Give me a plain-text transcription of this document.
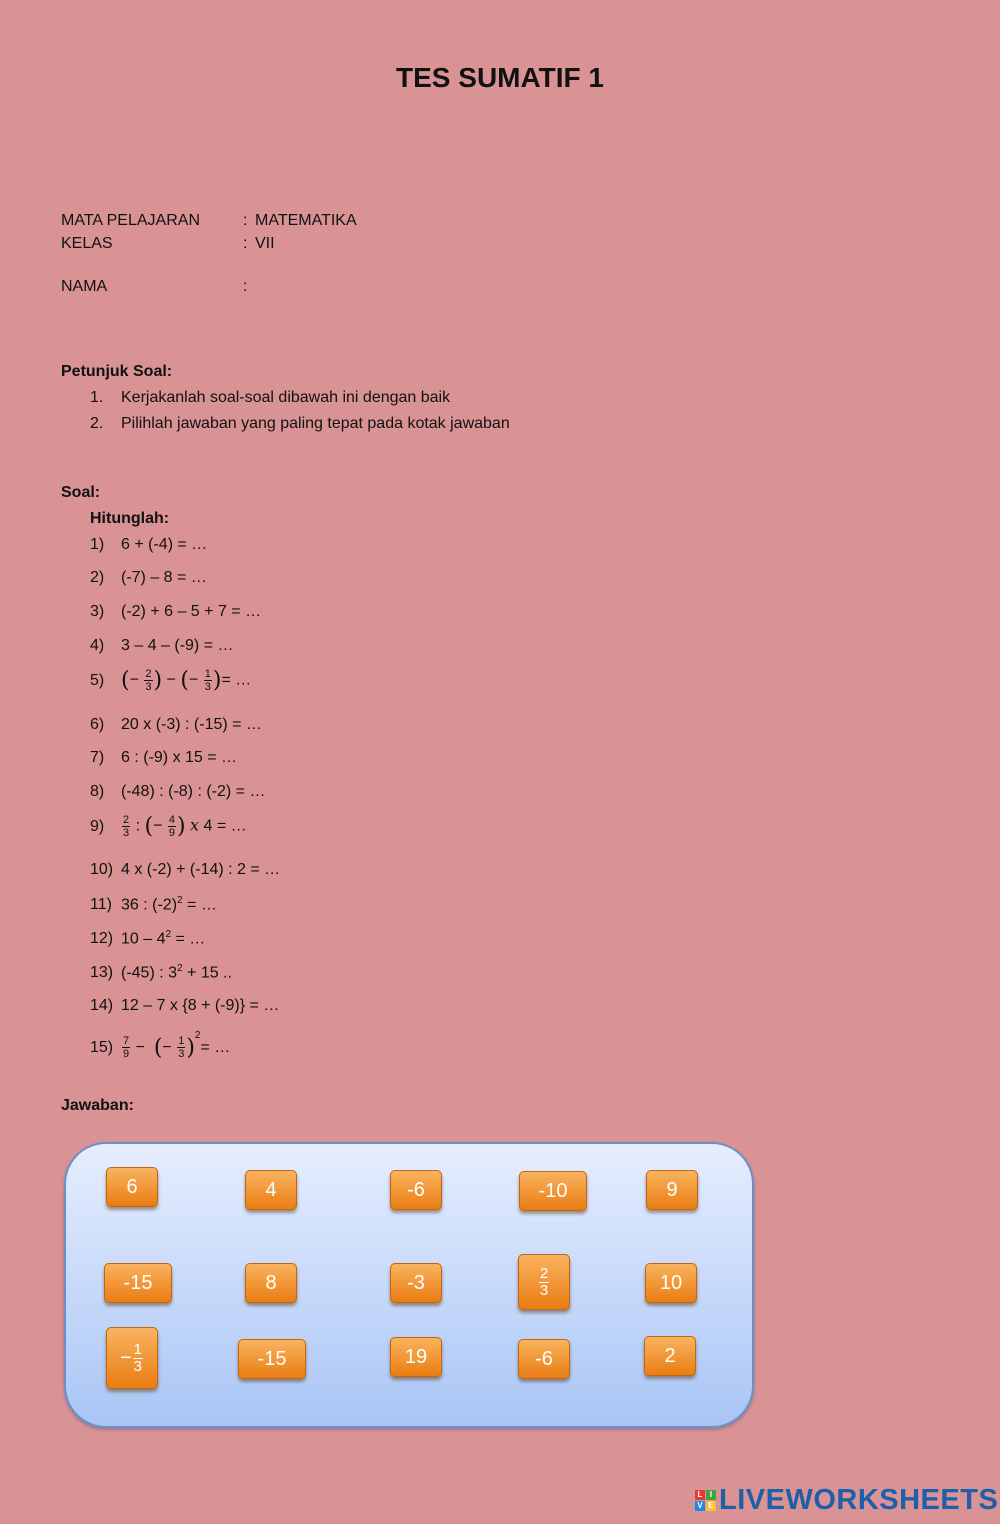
TES SUMATIF 1
MATA PELAJARAN	: MATEMATIKA
KELAS	: VII
NAMA	:
Petunjuk Soal:
1. Kerjakanlah soal-soal dibawah ini dengan baik
2. Pilihlah jawaban yang paling tepat pada kotak jawaban
Soal:
Hitunglah:
1) 6 + (-4) = …
2) (-7) – 8 = …
3) (-2) + 6 – 5 + 7 = …
4) 3 – 4 – (-9) = …
5) (− $\frac{2}{3}$ ) − (− $\frac{1}{3}$ )= …
6) 20 x (-3) : (-15) = …
7) 6 : (-9) x 15 = …
8) (-48) : (-8) : (-2) = …
$9) \frac{2}{3}$ : (− $\frac{4}{9}$ ) x 4 = …
10) 4 x (-2) + (-14) : 2 = …
11) 36 : $(-2)^2$ = …
12) $10 - 4^2$ = …
13) (-45) : $3^2 + 15$ ..
14) 12 – 7 x {8 + (-9)} = …
$15) \frac{7}{9}$ −  (− $\frac{1}{3} )^2=$ …
Jawaban:
6	4	-6	-10	9
-15	8	-3	$\frac{2}{3}$	10
− $\frac{1}{3}$	-15	19	-6	2
L I
V E LIVEWORKSHEETS
